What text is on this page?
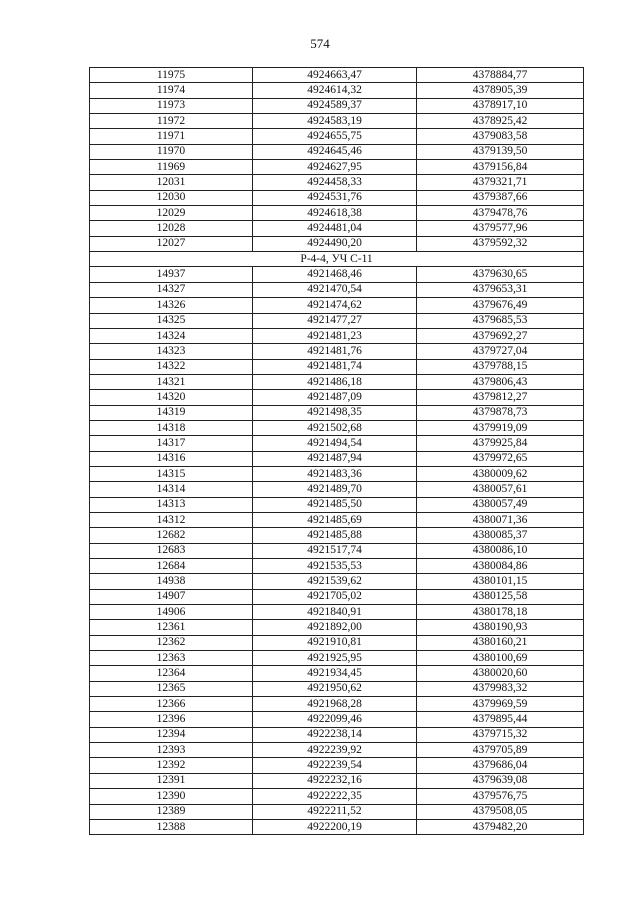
574
11975	4924663,47	4378884,77
11974	4924614,32	4378905,39
11973	4924589,37	4378917,10
11972	4924583,19	4378925,42
11971	4924655,75	4379083,58
11970	4924645,46	4379139,50
11969	4924627,95	4379156,84
12031	4924458,33	4379321,71
12030	4924531,76	4379387,66
12029	4924618,38	4379478,76
12028	4924481,04	4379577,96
12027	4924490,20	4379592,32
Р-4-4, УЧ С-11		
14937	4921468,46	4379630,65
14327	4921470,54	4379653,31
14326	4921474,62	4379676,49
14325	4921477,27	4379685,53
14324	4921481,23	4379692,27
14323	4921481,76	4379727,04
14322	4921481,74	4379788,15
14321	4921486,18	4379806,43
14320	4921487,09	4379812,27
14319	4921498,35	4379878,73
14318	4921502,68	4379919,09
14317	4921494,54	4379925,84
14316	4921487,94	4379972,65
14315	4921483,36	4380009,62
14314	4921489,70	4380057,61
14313	4921485,50	4380057,49
14312	4921485,69	4380071,36
12682	4921485,88	4380085,37
12683	4921517,74	4380086,10
12684	4921535,53	4380084,86
14938	4921539,62	4380101,15
14907	4921705,02	4380125,58
14906	4921840,91	4380178,18
12361	4921892,00	4380190,93
12362	4921910,81	4380160,21
12363	4921925,95	4380100,69
12364	4921934,45	4380020,60
12365	4921950,62	4379983,32
12366	4921968,28	4379969,59
12396	4922099,46	4379895,44
12394	4922238,14	4379715,32
12393	4922239,92	4379705,89
12392	4922239,54	4379686,04
12391	4922232,16	4379639,08
12390	4922222,35	4379576,75
12389	4922211,52	4379508,05
12388	4922200,19	4379482,20
